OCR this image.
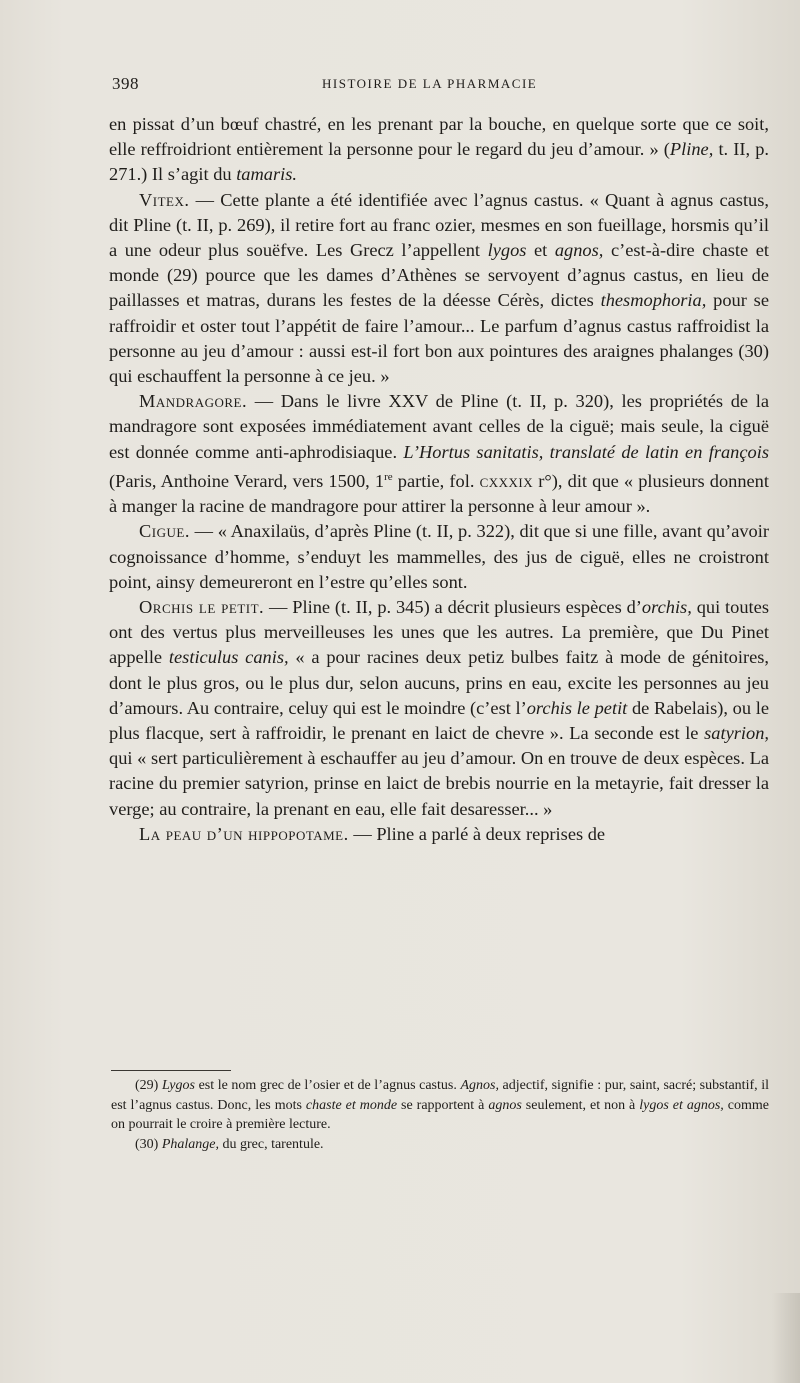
398	HISTOIRE DE LA PHARMACIE

en pissat d’un bœuf chastré, en les prenant par la bouche, en quelque sorte que ce soit, elle reffroidriont entièrement la personne pour le regard du jeu d’amour. » (Pline, t. II, p. 271.) Il s’agit du tamaris.

Vitex. — Cette plante a été identifiée avec l’agnus castus. « Quant à agnus castus, dit Pline (t. II, p. 269), il retire fort au franc ozier, mesmes en son fueillage, horsmis qu’il a une odeur plus souëfve. Les Grecz l’appellent lygos et agnos, c’est-à-dire chaste et monde (29) pource que les dames d’Athènes se servoyent d’agnus castus, en lieu de paillasses et matras, durans les festes de la déesse Cérès, dictes thesmophoria, pour se raffroidir et oster tout l’appétit de faire l’amour... Le parfum d’agnus castus raffroidist la personne au jeu d’amour : aussi est-il fort bon aux pointures des araignes phalanges (30) qui eschauffent la personne à ce jeu. »

Mandragore. — Dans le livre XXV de Pline (t. II, p. 320), les propriétés de la mandragore sont exposées immédiatement avant celles de la ciguë; mais seule, la ciguë est donnée comme anti-aphrodisiaque. L’Hortus sanitatis, translaté de latin en françois (Paris, Anthoine Verard, vers 1500, 1re partie, fol. cxxxix r°), dit que « plusieurs donnent à manger la racine de mandragore pour attirer la personne à leur amour ».

Cigue. — « Anaxilaüs, d’après Pline (t. II, p. 322), dit que si une fille, avant qu’avoir cognoissance d’homme, s’enduyt les mammelles, des jus de ciguë, elles ne croistront point, ainsy demeureront en l’estre qu’elles sont.

Orchis le petit. — Pline (t. II, p. 345) a décrit plusieurs espèces d’orchis, qui toutes ont des vertus plus merveilleuses les unes que les autres. La première, que Du Pinet appelle testiculus canis, « a pour racines deux petiz bulbes faitz à mode de génitoires, dont le plus gros, ou le plus dur, selon aucuns, prins en eau, excite les personnes au jeu d’amours. Au contraire, celuy qui est le moindre (c’est l’orchis le petit de Rabelais), ou le plus flacque, sert à raffroidir, le prenant en laict de chevre ». La seconde est le satyrion, qui « sert particulièrement à eschauffer au jeu d’amour. On en trouve de deux espèces. La racine du premier satyrion, prinse en laict de brebis nourrie en la metayrie, fait dresser la verge; au contraire, la prenant en eau, elle fait desaresser... »

La peau d’un hippopotame. — Pline a parlé à deux reprises de

(29) Lygos est le nom grec de l’osier et de l’agnus castus. Agnos, adjectif, signifie : pur, saint, sacré; substantif, il est l’agnus castus. Donc, les mots chaste et monde se rapportent à agnos seulement, et non à lygos et agnos, comme on pourrait le croire à première lecture.

(30) Phalange, du grec, tarentule.
